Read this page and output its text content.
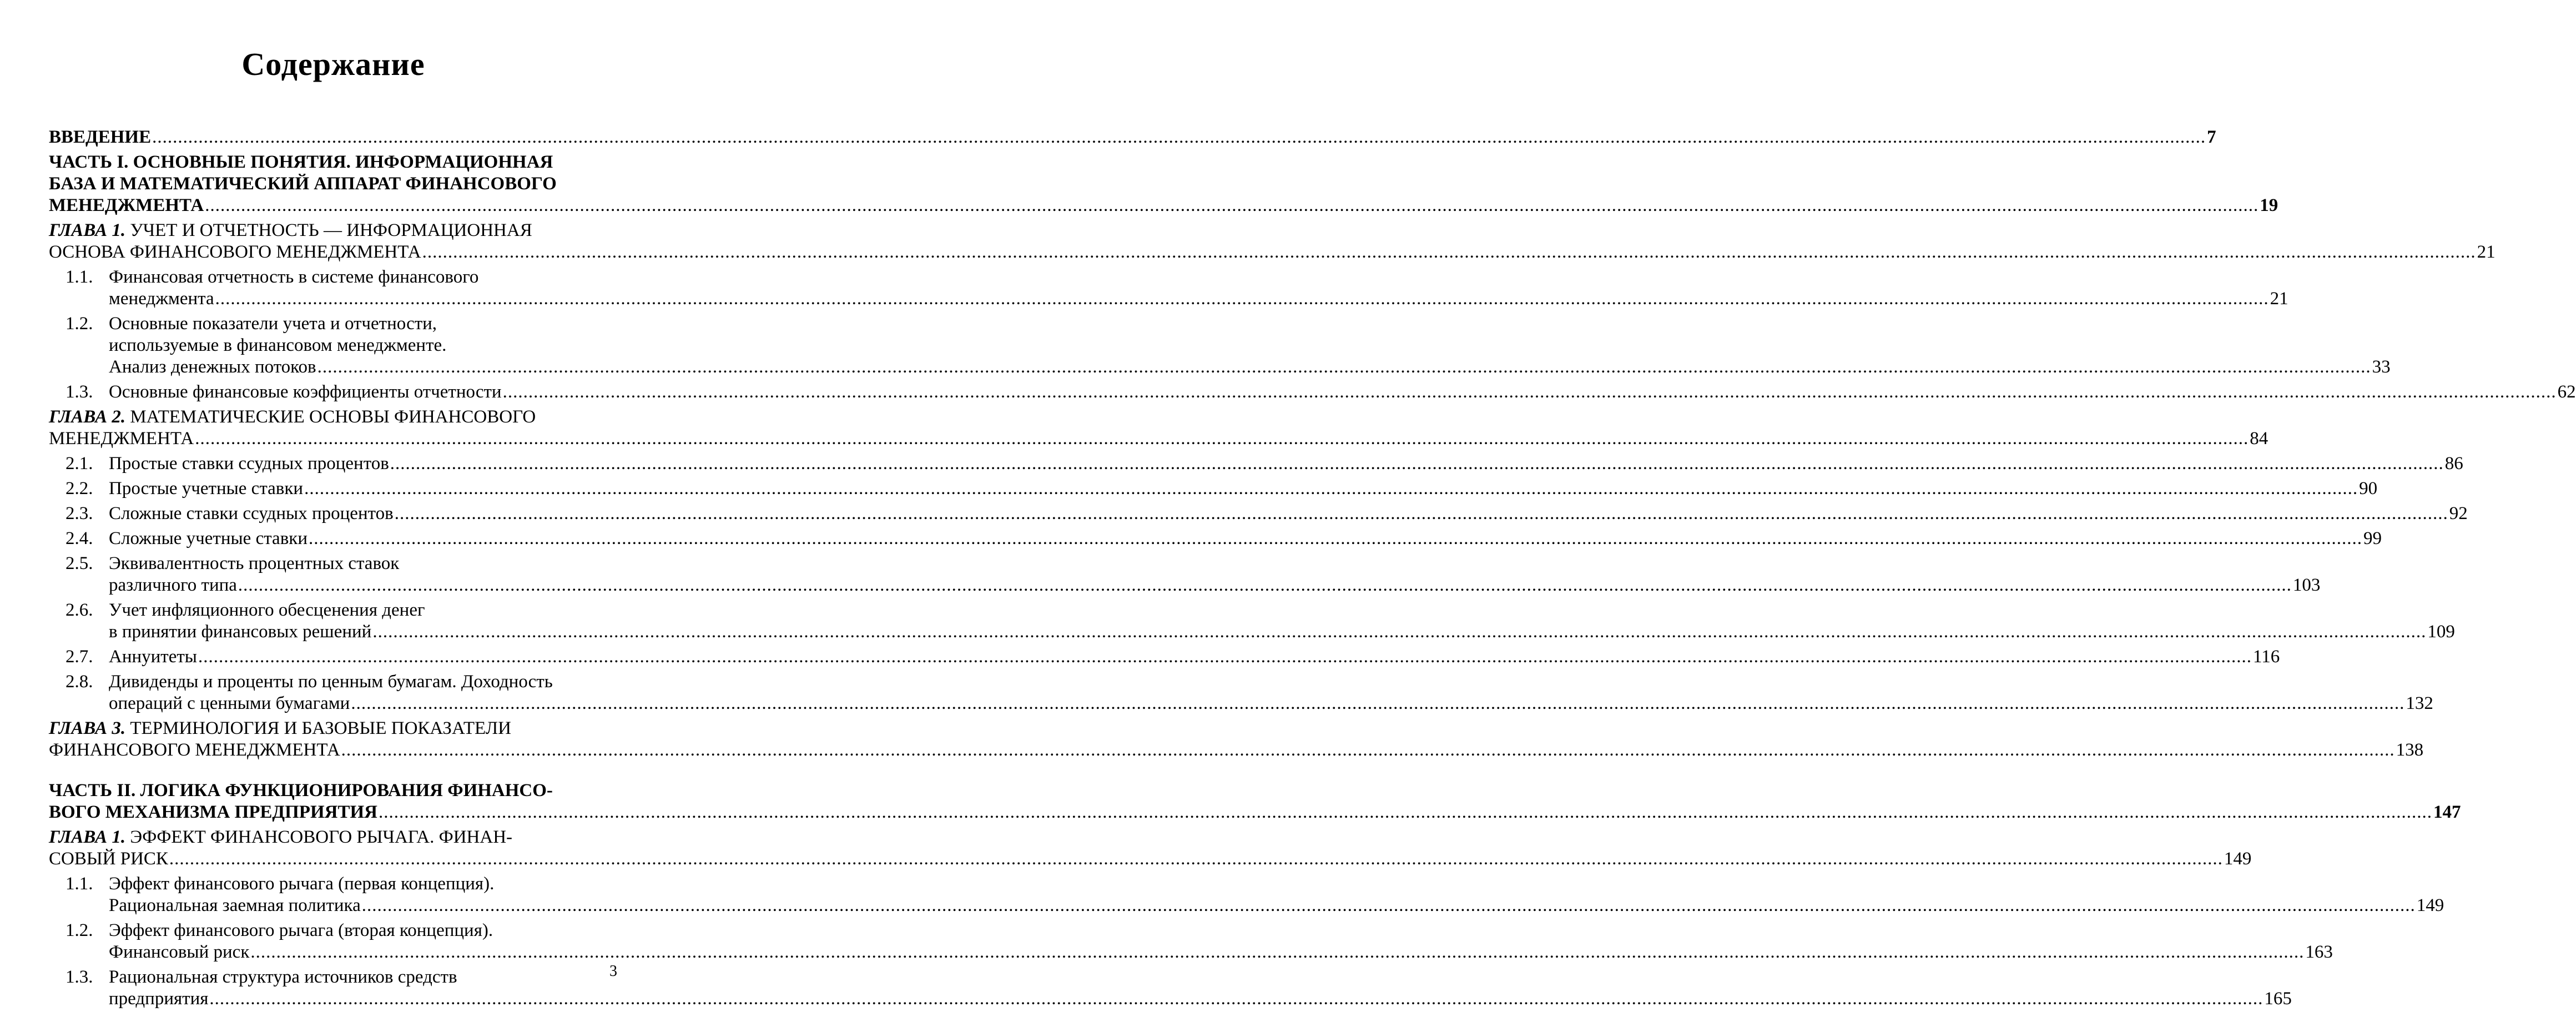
Содержание
ВВЕДЕНИЕ ................................................................................................................................................................................................................................................................................................................................................................................................................ 7
ЧАСТЬ I. ОСНОВНЫЕ ПОНЯТИЯ. ИНФОРМАЦИОННАЯ
БАЗА И МАТЕМАТИЧЕСКИЙ АППАРАТ ФИНАНСОВОГО
МЕНЕДЖМЕНТА ................................................................................................................................................................................................................................................................................................................................................................................................................ 19
ГЛАВА 1. УЧЕТ И ОТЧЕТНОСТЬ — ИНФОРМАЦИОННАЯ
ОСНОВА ФИНАНСОВОГО МЕНЕДЖМЕНТА ................................................................................................................................................................................................................................................................................................................................................................................................................ 21
1.1. Финансовая отчетность в системе финансового
менеджмента ................................................................................................................................................................................................................................................................................................................................................................................................................ 21
1.2. Основные показатели учета и отчетности,
используемые в финансовом менеджменте.
Анализ денежных потоков ................................................................................................................................................................................................................................................................................................................................................................................................................ 33
1.3. Основные финансовые коэффициенты отчетности ................................................................................................................................................................................................................................................................................................................................................................................................................ 62
ГЛАВА 2. МАТЕМАТИЧЕСКИЕ ОСНОВЫ ФИНАНСОВОГО
МЕНЕДЖМЕНТА ................................................................................................................................................................................................................................................................................................................................................................................................................ 84
2.1. Простые ставки ссудных процентов ................................................................................................................................................................................................................................................................................................................................................................................................................ 86
2.2. Простые учетные ставки ................................................................................................................................................................................................................................................................................................................................................................................................................ 90
2.3. Сложные ставки ссудных процентов ................................................................................................................................................................................................................................................................................................................................................................................................................ 92
2.4. Сложные учетные ставки ................................................................................................................................................................................................................................................................................................................................................................................................................ 99
2.5. Эквивалентность процентных ставок
различного типа ................................................................................................................................................................................................................................................................................................................................................................................................................ 103
2.6. Учет инфляционного обесценения денег
в принятии финансовых решений ................................................................................................................................................................................................................................................................................................................................................................................................................ 109
2.7. Аннуитеты ................................................................................................................................................................................................................................................................................................................................................................................................................ 116
2.8. Дивиденды и проценты по ценным бумагам. Доходность
операций с ценными бумагами ................................................................................................................................................................................................................................................................................................................................................................................................................ 132
ГЛАВА 3. ТЕРМИНОЛОГИЯ И БАЗОВЫЕ ПОКАЗАТЕЛИ
ФИНАНСОВОГО МЕНЕДЖМЕНТА ................................................................................................................................................................................................................................................................................................................................................................................................................ 138
ЧАСТЬ II. ЛОГИКА ФУНКЦИОНИРОВАНИЯ ФИНАНСО-
ВОГО МЕХАНИЗМА ПРЕДПРИЯТИЯ ................................................................................................................................................................................................................................................................................................................................................................................................................ 147
ГЛАВА 1. ЭФФЕКТ ФИНАНСОВОГО РЫЧАГА. ФИНАН-
СОВЫЙ РИСК ................................................................................................................................................................................................................................................................................................................................................................................................................ 149
1.1. Эффект финансового рычага (первая концепция).
Рациональная заемная политика ................................................................................................................................................................................................................................................................................................................................................................................................................ 149
1.2. Эффект финансового рычага (вторая концепция).
Финансовый риск ................................................................................................................................................................................................................................................................................................................................................................................................................ 163
1.3. Рациональная структура источников средств
предприятия ................................................................................................................................................................................................................................................................................................................................................................................................................ 165
3
